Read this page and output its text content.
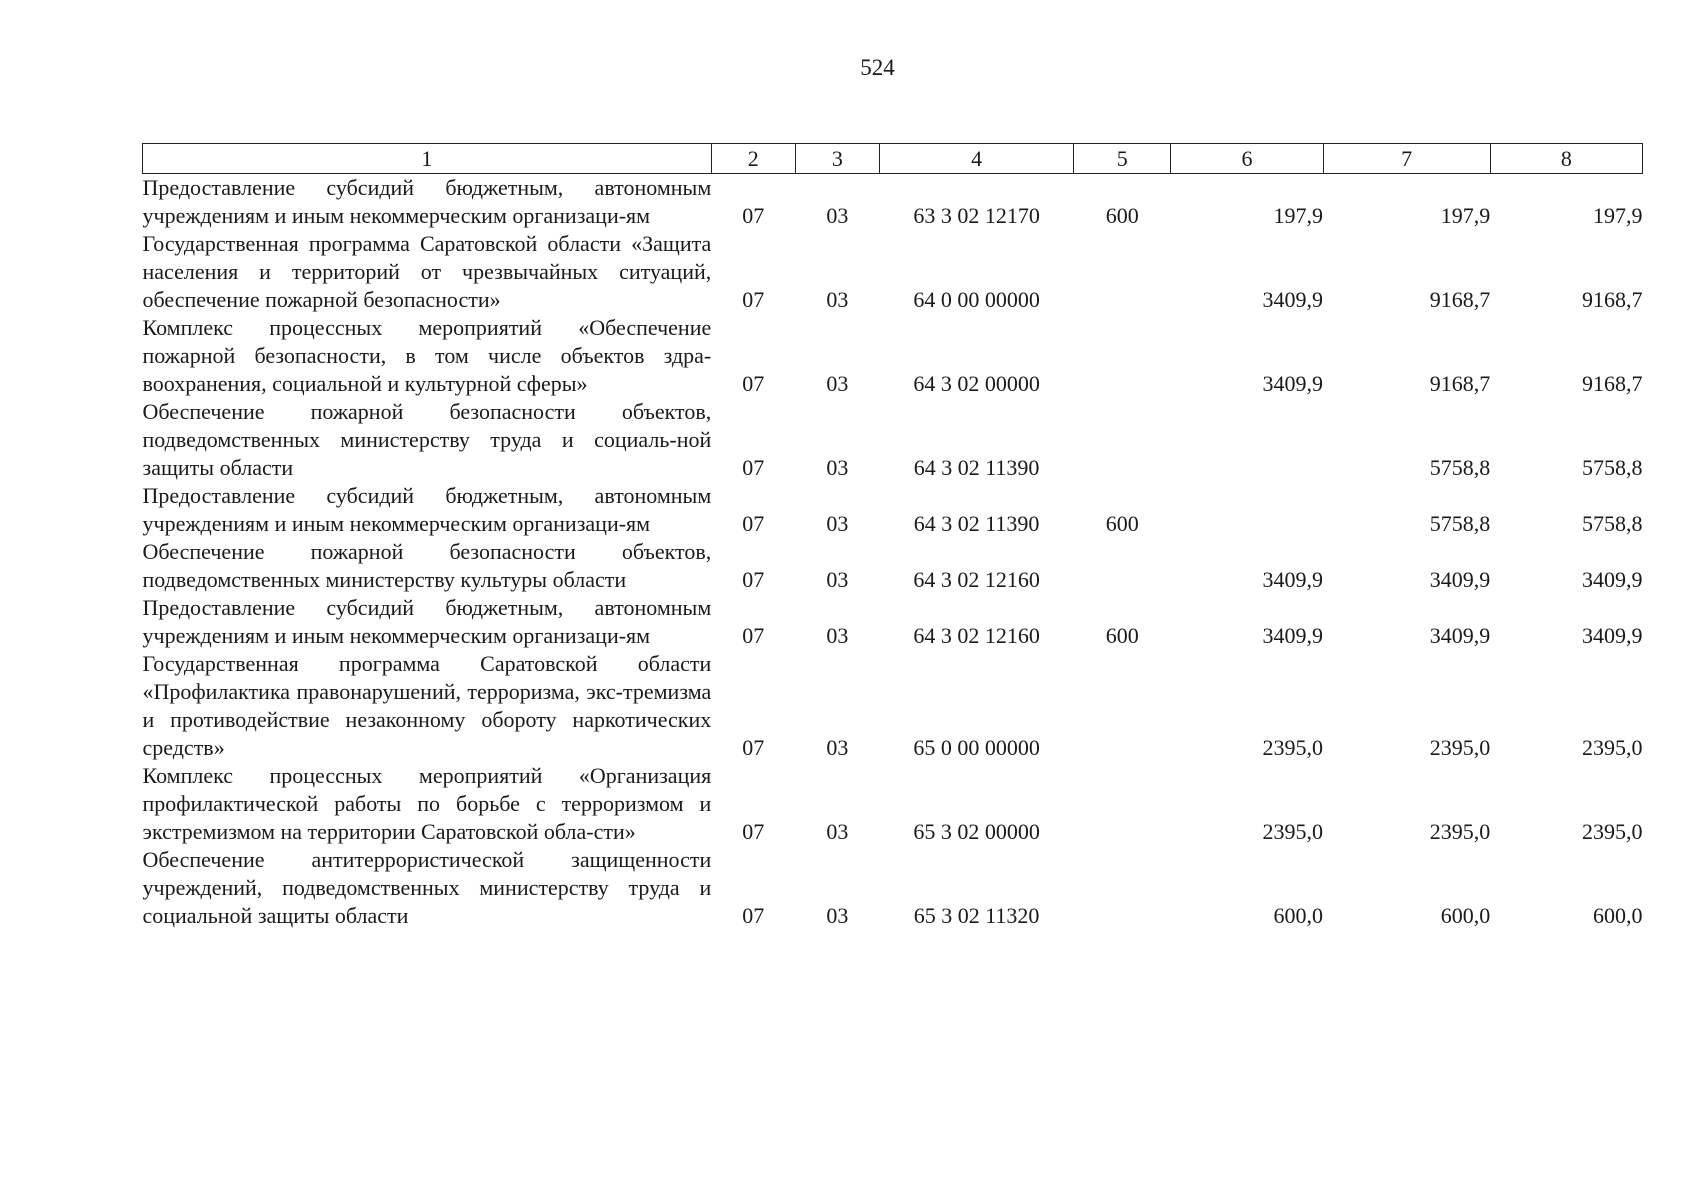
524
1	2	3	4	5	6	7	8
Предоставление субсидий бюджетным, автономным учреждениям и иным некоммерческим организаци-ям	07	03	63 3 02 12170	600	197,9	197,9	197,9
Государственная программа Саратовской области «Защита населения и территорий от чрезвычайных ситуаций, обеспечение пожарной безопасности»	07	03	64 0 00 00000		3409,9	9168,7	9168,7
Комплекс процессных мероприятий «Обеспечение пожарной безопасности, в том числе объектов здра-воохранения, социальной и культурной сферы»	07	03	64 3 02 00000		3409,9	9168,7	9168,7
Обеспечение пожарной безопасности объектов, подведомственных министерству труда и социаль-ной защиты области	07	03	64 3 02 11390			5758,8	5758,8
Предоставление субсидий бюджетным, автономным учреждениям и иным некоммерческим организаци-ям	07	03	64 3 02 11390	600		5758,8	5758,8
Обеспечение пожарной безопасности объектов, подведомственных министерству культуры области	07	03	64 3 02 12160		3409,9	3409,9	3409,9
Предоставление субсидий бюджетным, автономным учреждениям и иным некоммерческим организаци-ям	07	03	64 3 02 12160	600	3409,9	3409,9	3409,9
Государственная программа Саратовской области «Профилактика правонарушений, терроризма, экс-тремизма и противодействие незаконному обороту наркотических средств»	07	03	65 0 00 00000		2395,0	2395,0	2395,0
Комплекс процессных мероприятий «Организация профилактической работы по борьбе с терроризмом и экстремизмом на территории Саратовской обла-сти»	07	03	65 3 02 00000		2395,0	2395,0	2395,0
Обеспечение антитеррористической защищенности учреждений, подведомственных министерству труда и социальной защиты области	07	03	65 3 02 11320		600,0	600,0	600,0
